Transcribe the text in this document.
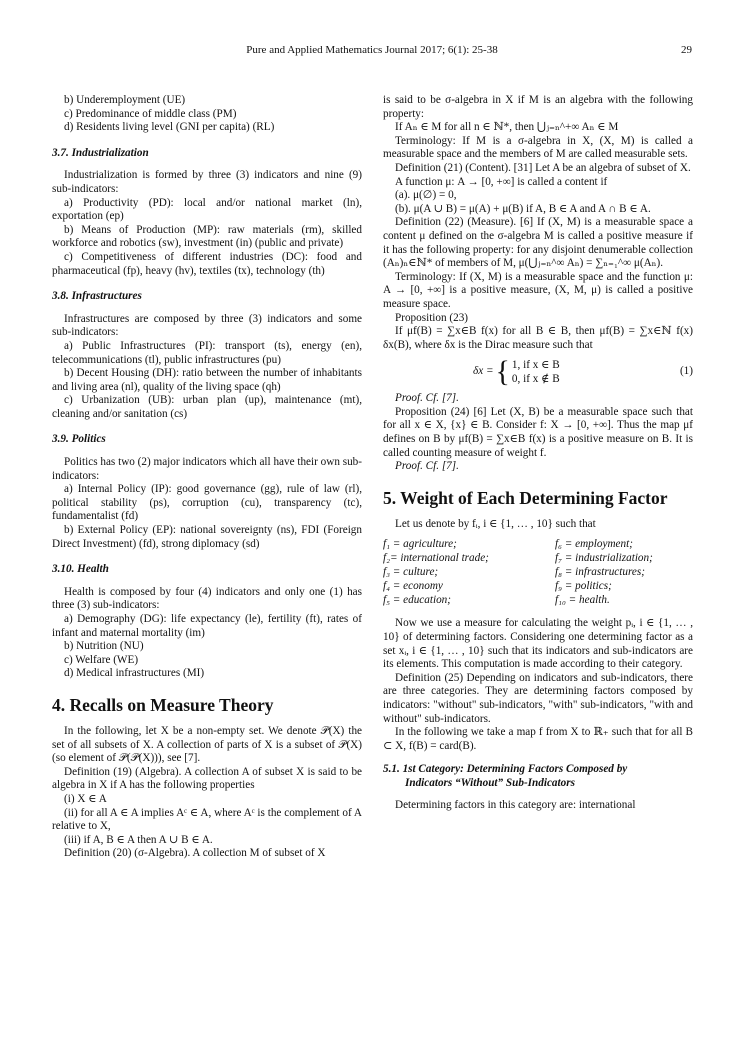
Pure and Applied Mathematics Journal 2017; 6(1): 25-38	29

b) Underemployment (UE)

c) Predominance of middle class (PM)

d) Residents living level (GNI per capita) (RL)

3.7. Industrialization

Industrialization is formed by three (3) indicators and nine (9) sub-indicators:

a) Productivity (PD): local and/or national market (ln), exportation (ep)

b) Means of Production (MP): raw materials (rm), skilled workforce and robotics (sw), investment (in) (public and private)

c) Competitiveness of different industries (DC): food and pharmaceutical (fp), heavy (hv), textiles (tx), technology (th)

3.8. Infrastructures

Infrastructures are composed by three (3) indicators and some sub-indicators:

a) Public Infrastructures (PI): transport (ts), energy (en), telecommunications (tl), public infrastructures (pu)

b) Decent Housing (DH): ratio between the number of inhabitants and living area (nl), quality of the living space (qh)

c) Urbanization (UB): urban plan (up), maintenance (mt), cleaning and/or sanitation (cs)

3.9. Politics

Politics has two (2) major indicators which all have their own sub-indicators:

a) Internal Policy (IP): good governance (gg), rule of law (rl), political stability (ps), corruption (cu), transparency (tc), fundamentalist (fd)

b) External Policy (EP): national sovereignty (ns), FDI (Foreign Direct Investment) (fd), strong diplomacy (sd)

3.10. Health

Health is composed by four (4) indicators and only one (1) has three (3) sub-indicators:

a) Demography (DG): life expectancy (le), fertility (ft), rates of infant and maternal mortality (im)

b) Nutrition (NU)

c) Welfare (WE)

d) Medical infrastructures (MI)

4. Recalls on Measure Theory

In the following, let X be a non-empty set. We denote 𝒫(X) the set of all subsets of X. A collection of parts of X is a subset of 𝒫(X) (so element of 𝒫(𝒫(X))), see [7].

Definition (19) (Algebra). A collection A of subset X is said to be algebra in X if A has the following properties

(i) X ∈ A

(ii) for all A ∈ A implies Aᶜ ∈ A, where Aᶜ is the complement of A relative to X,

(iii) if A, B ∈ A then A ∪ B ∈ A.

Definition (20) (σ-Algebra). A collection M of subset of X

is said to be σ-algebra in X if M is an algebra with the following property:

If Aₙ ∈ M for all n ∈ ℕ*, then ⋃ⱼ₌ₙ^+∞ Aₙ ∈ M

Terminology: If M is a σ-algebra in X, (X, M) is called a measurable space and the members of M are called measurable sets.

Definition (21) (Content). [31] Let A be an algebra of subset of X.

A function μ: A → [0, +∞] is called a content if

(a). μ(∅) = 0,

(b). μ(A ∪ B) = μ(A) + μ(B) if A, B ∈ A and A ∩ B ∈ A.

Definition (22) (Measure). [6] If (X, M) is a measurable space a content μ defined on the σ-algebra M is called a positive measure if it has the following property: for any disjoint denumerable collection (Aₙ)ₙ∈ℕ* of members of M, μ(⋃ⱼ₌ₙ^∞ Aₙ) = ∑ₙ₌₁^∞ μ(Aₙ).

Terminology: If (X, M) is a measurable space and the function μ: A → [0, +∞] is a positive measure, (X, M, μ) is called a positive measure space.

Proposition (23)

If μf(B) = ∑x∈B f(x) for all B ∈ B, then μf(B) = ∑x∈ℕ f(x) δx(B), where δx is the Dirac measure such that

δx = { 1, if x ∈ B
0, if x ∉ B
(1)

Proof. Cf. [7].

Proposition (24) [6] Let (X, B) be a measurable space such that for all x ∈ X, {x} ∈ B. Consider f: X → [0, +∞]. Thus the map μf defines on B by μf(B) = ∑x∈B f(x) is a positive measure on B. It is called counting measure of weight f.

Proof. Cf. [7].

5. Weight of Each Determining Factor

Let us denote by fᵢ, i ∈ {1, … , 10} such that

f₁ = agriculture;	f₆ = employment;
f₂= international trade;	f₇ = industrialization;
f₃ = culture;	f₈ = infrastructures;
f₄ = economy	f₉ = politics;
f₅ = education;	f₁₀ = health.

Now we use a measure for calculating the weight pᵢ, i ∈ {1, … , 10} of determining factors. Considering one determining factor as a set xᵢ, i ∈ {1, … , 10} such that its indicators and sub-indicators are its elements. This computation is made according to their category.

Definition (25) Depending on indicators and sub-indicators, there are three categories. They are determining factors composed by indicators: "without" sub-indicators, "with" sub-indicators, "with and without" sub-indicators.

In the following we take a map f from X to ℝ₊ such that for all B ⊂ X, f(B) = card(B).

5.1. 1st Category: Determining Factors Composed by
Indicators “Without” Sub-Indicators

Determining factors in this category are: international
